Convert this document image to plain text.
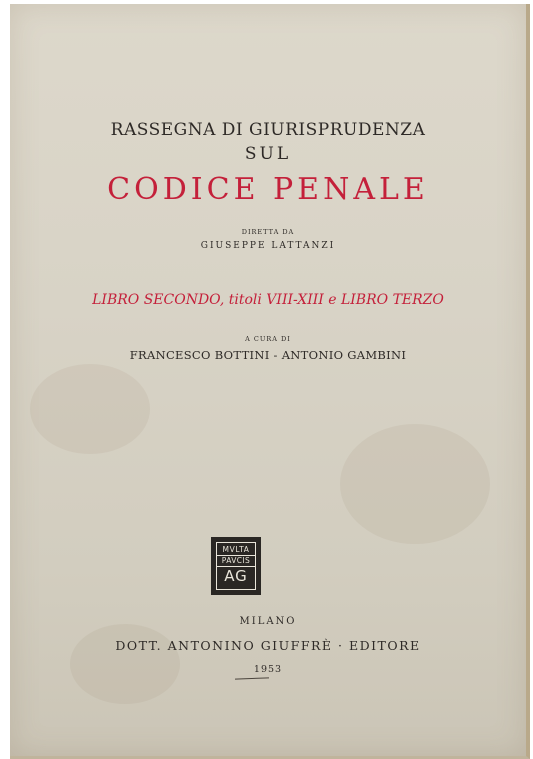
RASSEGNA DI GIURISPRUDENZA
SUL
CODICE PENALE
DIRETTA DA
GIUSEPPE LATTANZI
LIBRO SECONDO, titoli VIII-XIII e LIBRO TERZO
A CURA DI
FRANCESCO BOTTINI - ANTONIO GAMBINI
MVLTA
PAVCIS
AG
MILANO
DOTT. ANTONINO GIUFFRÈ · EDITORE
1953
